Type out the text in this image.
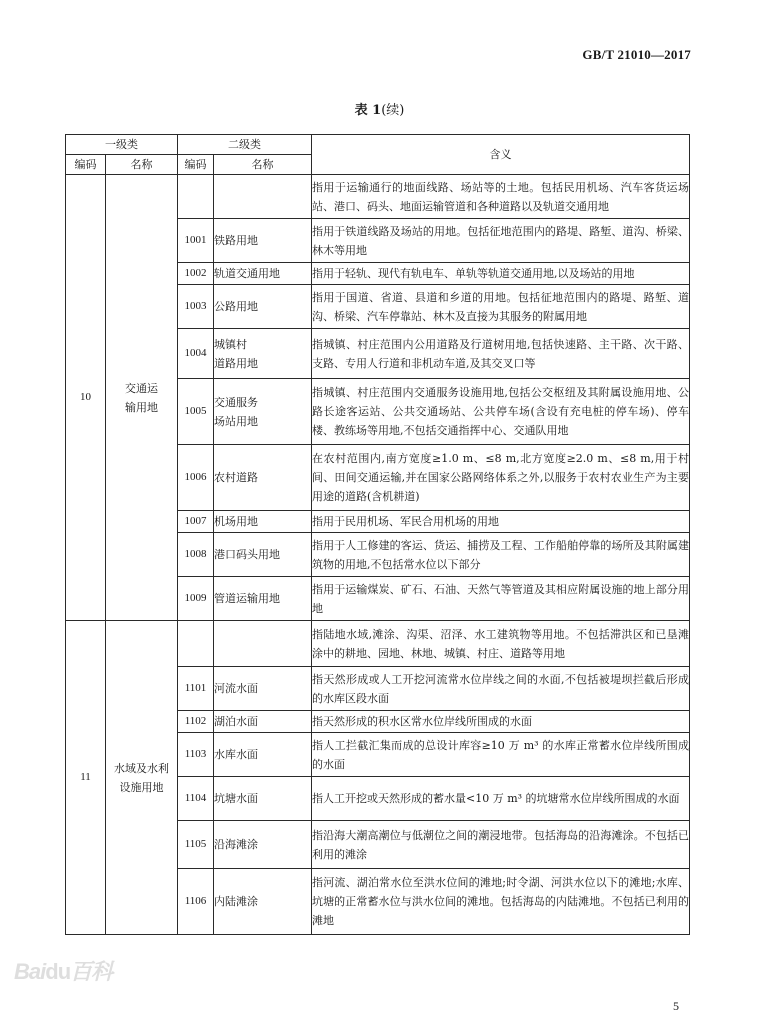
GB/T 21010—2017
表 1(续)
一级类		二级类		含义
编码	名称	编码	名称	
10	交通运
输用地			指用于运输通行的地面线路、场站等的土地。包括民用机场、汽车客货运场站、港口、码头、地面运输管道和各种道路以及轨道交通用地
		1001	铁路用地	指用于铁道线路及场站的用地。包括征地范围内的路堤、路堑、道沟、桥梁、林木等用地
		1002	轨道交通用地	指用于轻轨、现代有轨电车、单轨等轨道交通用地,以及场站的用地
		1003	公路用地	指用于国道、省道、县道和乡道的用地。包括征地范围内的路堤、路堑、道沟、桥梁、汽车停靠站、林木及直接为其服务的附属用地
		1004	城镇村
道路用地	指城镇、村庄范围内公用道路及行道树用地,包括快速路、主干路、次干路、支路、专用人行道和非机动车道,及其交叉口等
		1005	交通服务
场站用地	指城镇、村庄范围内交通服务设施用地,包括公交枢纽及其附属设施用地、公路长途客运站、公共交通场站、公共停车场(含设有充电桩的停车场)、停车楼、教练场等用地,不包括交通指挥中心、交通队用地
		1006	农村道路	在农村范围内,南方宽度≥1.0 m、≤8 m,北方宽度≥2.0 m、≤8 m,用于村间、田间交通运输,并在国家公路网络体系之外,以服务于农村农业生产为主要用途的道路(含机耕道)
		1007	机场用地	指用于民用机场、军民合用机场的用地
		1008	港口码头用地	指用于人工修建的客运、货运、捕捞及工程、工作船舶停靠的场所及其附属建筑物的用地,不包括常水位以下部分
		1009	管道运输用地	指用于运输煤炭、矿石、石油、天然气等管道及其相应附属设施的地上部分用地
11	水域及水利
设施用地			指陆地水域,滩涂、沟渠、沼泽、水工建筑物等用地。不包括滞洪区和已垦滩涂中的耕地、园地、林地、城镇、村庄、道路等用地
		1101	河流水面	指天然形成或人工开挖河流常水位岸线之间的水面,不包括被堤坝拦截后形成的水库区段水面
		1102	湖泊水面	指天然形成的积水区常水位岸线所围成的水面
		1103	水库水面	指人工拦截汇集而成的总设计库容≥10 万 m³ 的水库正常蓄水位岸线所围成的水面
		1104	坑塘水面	指人工开挖或天然形成的蓄水量<10 万 m³ 的坑塘常水位岸线所围成的水面
		1105	沿海滩涂	指沿海大潮高潮位与低潮位之间的潮浸地带。包括海岛的沿海滩涂。不包括已利用的滩涂
		1106	内陆滩涂	指河流、湖泊常水位至洪水位间的滩地;时令湖、河洪水位以下的滩地;水库、坑塘的正常蓄水位与洪水位间的滩地。包括海岛的内陆滩地。不包括已利用的滩地
Baidu百科
5
